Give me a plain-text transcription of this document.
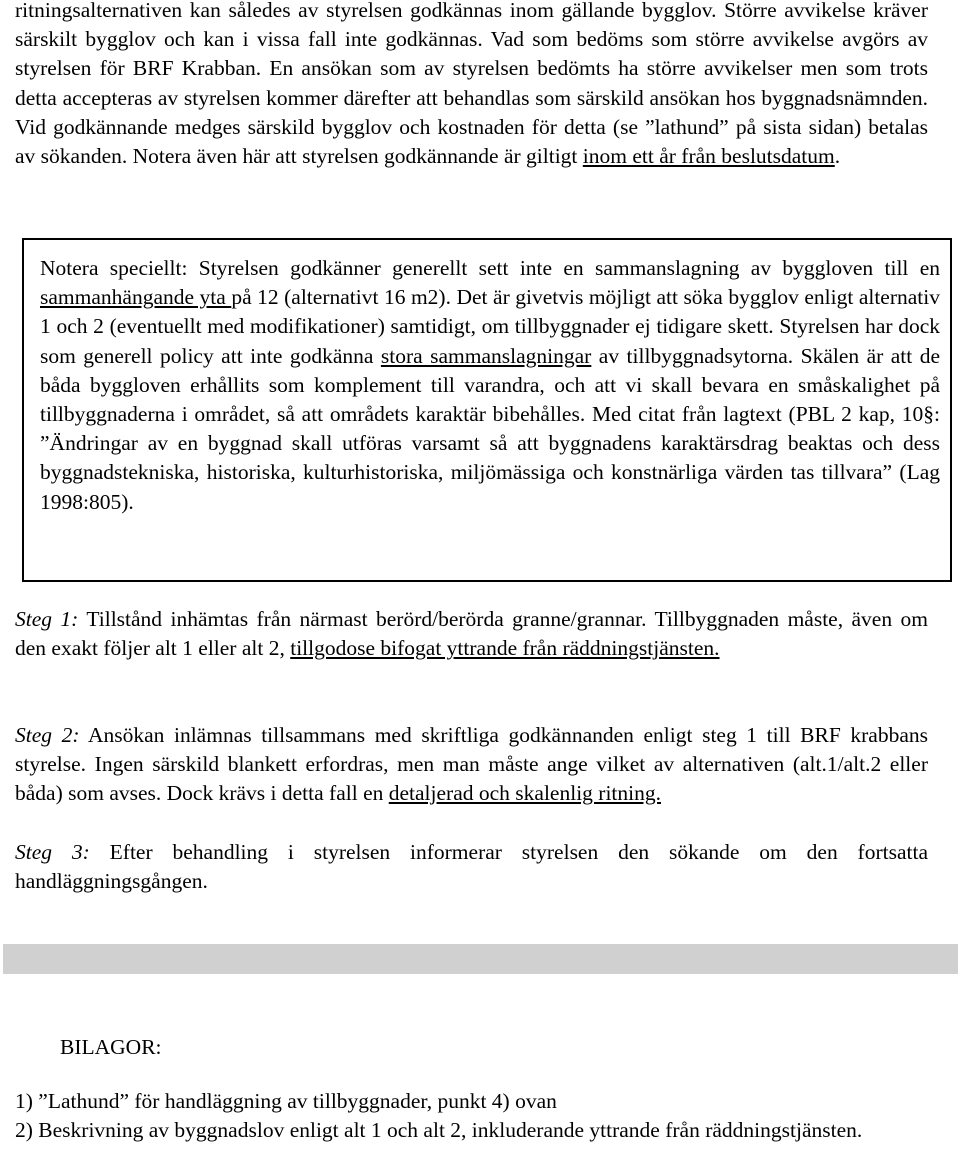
ritningsalternativen kan således av styrelsen godkännas inom gällande bygglov. Större avvikelse kräver särskilt bygglov och kan i vissa fall inte godkännas. Vad som bedöms som större avvikelse avgörs av styrelsen för BRF Krabban. En ansökan som av styrelsen bedömts ha större avvikelser men som trots detta accepteras av styrelsen kommer därefter att behandlas som särskild ansökan hos byggnadsnämnden. Vid godkännande medges särskild bygglov och kostnaden för detta (se ”lathund” på sista sidan) betalas av sökanden. Notera även här att styrelsen godkännande är giltigt inom ett år från beslutsdatum.

Notera speciellt: Styrelsen godkänner generellt sett inte en sammanslagning av byggloven till en sammanhängande yta på 12 (alternativt 16 m2). Det är givetvis möjligt att söka bygglov enligt alternativ 1 och 2 (eventuellt med modifikationer) samtidigt, om tillbyggnader ej tidigare skett. Styrelsen har dock som generell policy att inte godkänna stora sammanslagningar av tillbyggnadsytorna. Skälen är att de båda byggloven erhållits som komplement till varandra, och att vi skall bevara en småskalighet på tillbyggnaderna i området, så att områdets karaktär bibehålles. Med citat från lagtext (PBL 2 kap, 10§: ”Ändringar av en byggnad skall utföras varsamt så att byggnadens karaktärsdrag beaktas och dess byggnadstekniska, historiska, kulturhistoriska, miljömässiga och konstnärliga värden tas tillvara” (Lag 1998:805).

Steg 1: Tillstånd inhämtas från närmast berörd/berörda granne/grannar. Tillbyggnaden måste, även om den exakt följer alt 1 eller alt 2, tillgodose bifogat yttrande från räddningstjänsten.

Steg 2: Ansökan inlämnas tillsammans med skriftliga godkännanden enligt steg 1 till BRF krabbans styrelse. Ingen särskild blankett erfordras, men man måste ange vilket av alternativen (alt.1/alt.2 eller båda) som avses. Dock krävs i detta fall en detaljerad och skalenlig ritning.

Steg 3: Efter behandling i styrelsen informerar styrelsen den sökande om den fortsatta handläggningsgången.

BILAGOR:

1) ”Lathund” för handläggning av tillbyggnader, punkt 4) ovan
2) Beskrivning av byggnadslov enligt alt 1 och alt 2, inkluderande yttrande från räddningstjänsten.
